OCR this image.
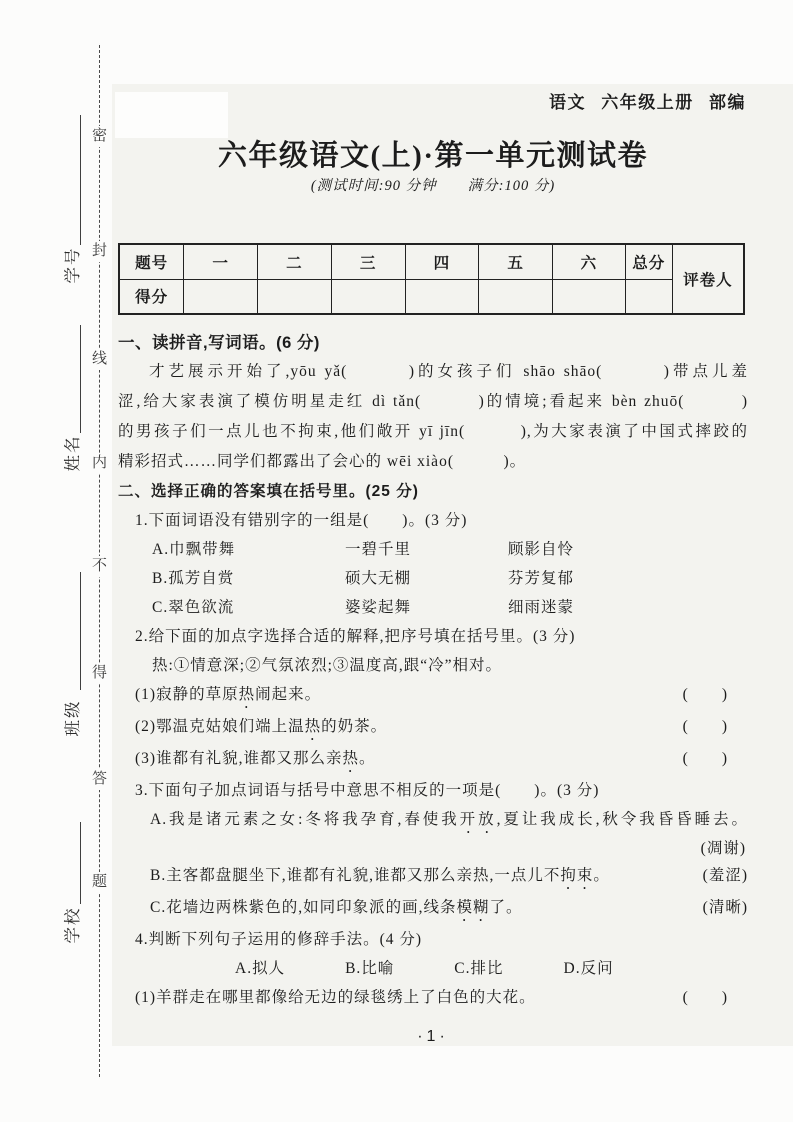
密
封
线
内
不
得
答
题
学号
姓名
班级
学校
语文 六年级上册 部编
六年级语文(上)·第一单元测试卷
(测试时间:90 分钟　　满分:100 分)
题号	一	二	三	四	五	六	总分	评卷人
得分								
一、读拼音,写词语。(6 分)
才艺展示开始了,yōu yǎ(　　　)的女孩子们 shāo shāo(　　　)带点儿羞
涩,给大家表演了模仿明星走红 dì tǎn(　　　)的情境;看起来 bèn zhuō(　　　)
的男孩子们一点儿也不拘束,他们敞开 yī jīn(　　　),为大家表演了中国式摔跤的
精彩招式……同学们都露出了会心的 wēi xiào(　　　)。
二、选择正确的答案填在括号里。(25 分)
1.下面词语没有错别字的一组是(　　)。(3 分)
A.巾飘带舞	一碧千里	顾影自怜
B.孤芳自赏	硕大无棚	芬芳复郁
C.翠色欲流	婆娑起舞	细雨迷蒙
2.给下面的加点字选择合适的解释,把序号填在括号里。(3 分)
热:①情意深;②气氛浓烈;③温度高,跟“冷”相对。
(1)寂静的草原热闹起来。	(　　)
(2)鄂温克姑娘们端上温热的奶茶。	(　　)
(3)谁都有礼貌,谁都又那么亲热。	(　　)
3.下面句子加点词语与括号中意思不相反的一项是(　　)。(3 分)
A.我是诸元素之女:冬将我孕育,春使我开放,夏让我成长,秋令我昏昏睡去。
(凋谢)
B.主客都盘腿坐下,谁都有礼貌,谁都又那么亲热,一点儿不拘束。	(羞涩)
C.花墙边两株紫色的,如同印象派的画,线条模糊了。	(清晰)
4.判断下列句子运用的修辞手法。(4 分)
A.拟人	B.比喻	C.排比	D.反问
(1)羊群走在哪里都像给无边的绿毯绣上了白色的大花。	(　　)
·1·
